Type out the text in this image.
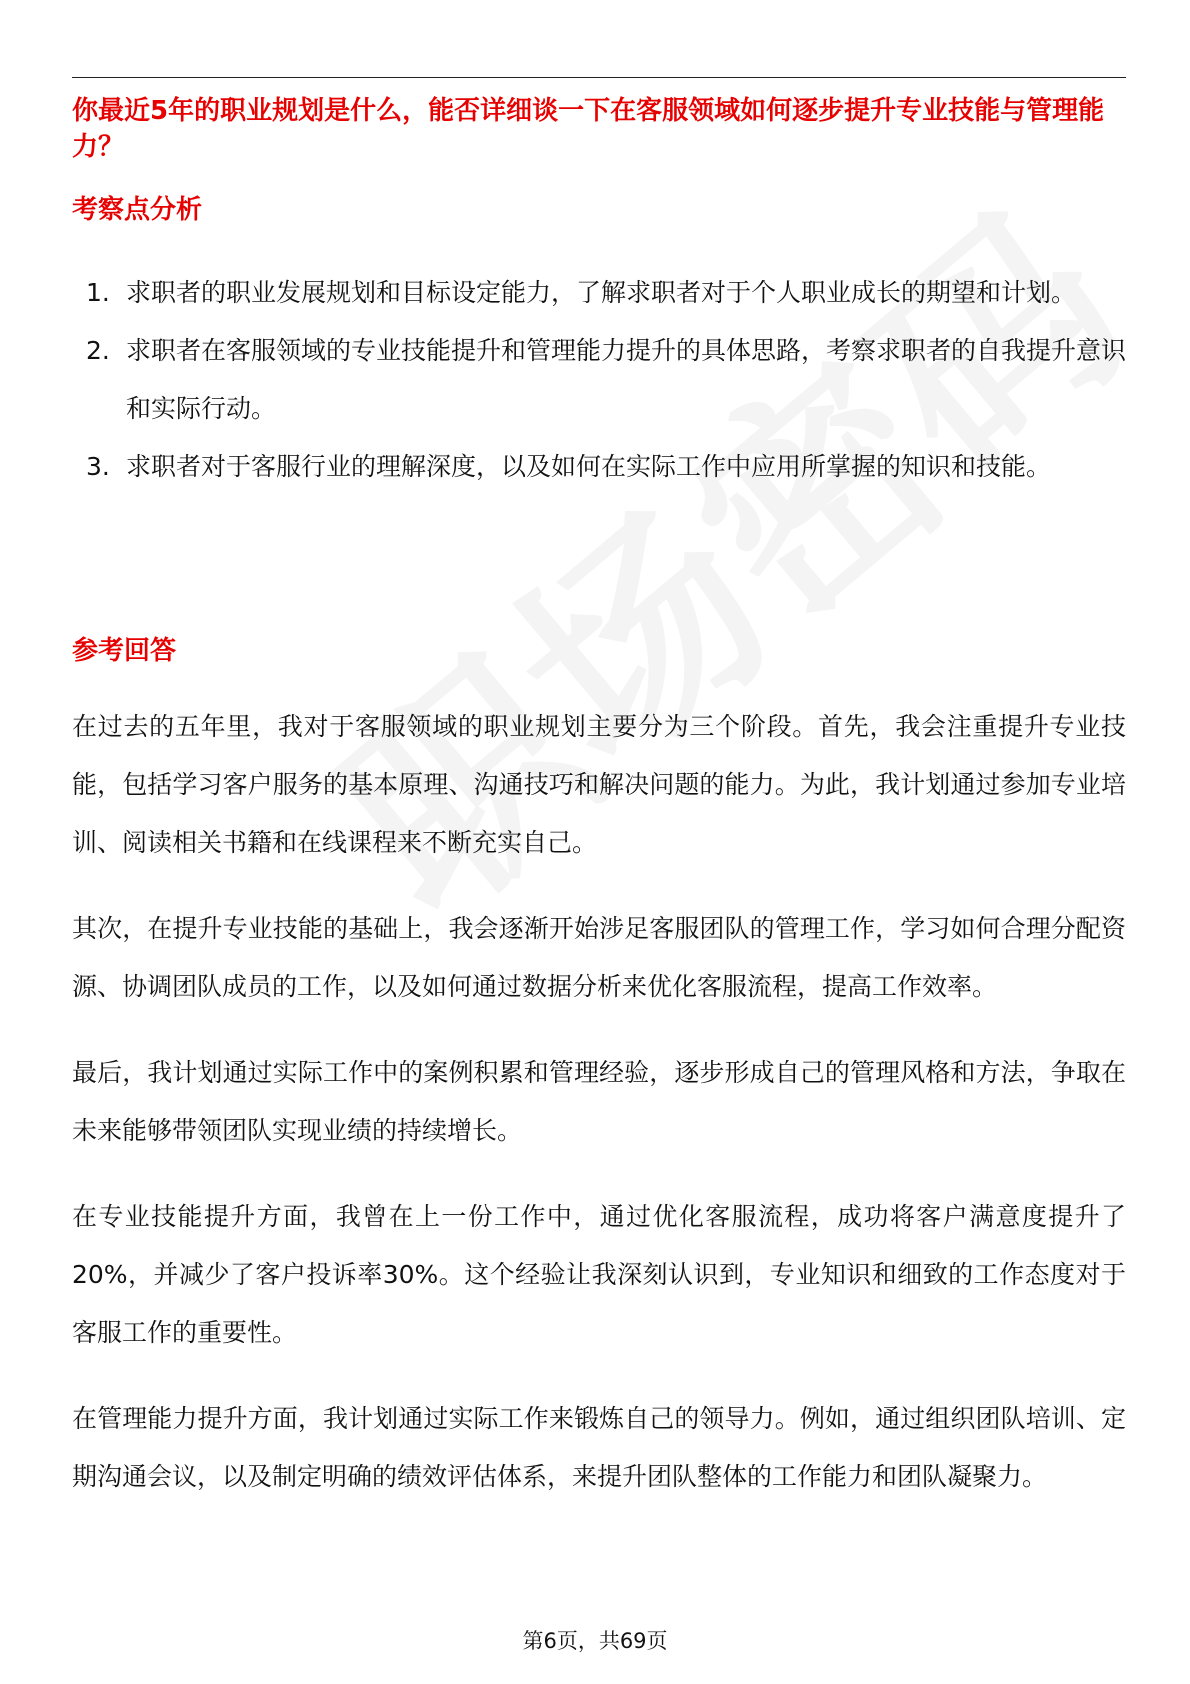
你最近5年的职业规划是什么，能否详细谈一下在客服领域如何逐步提升专业技能与管理能力？
考察点分析
1. 求职者的职业发展规划和目标设定能力，了解求职者对于个人职业成长的期望和计划。
2. 求职者在客服领域的专业技能提升和管理能力提升的具体思路，考察求职者的自我提升意识和实际行动。
3. 求职者对于客服行业的理解深度，以及如何在实际工作中应用所掌握的知识和技能。
参考回答

在过去的五年里，我对于客服领域的职业规划主要分为三个阶段。首先，我会注重提升专业技能，包括学习客户服务的基本原理、沟通技巧和解决问题的能力。为此，我计划通过参加专业培训、阅读相关书籍和在线课程来不断充实自己。

其次，在提升专业技能的基础上，我会逐渐开始涉足客服团队的管理工作，学习如何合理分配资源、协调团队成员的工作，以及如何通过数据分析来优化客服流程，提高工作效率。

最后，我计划通过实际工作中的案例积累和管理经验，逐步形成自己的管理风格和方法，争取在未来能够带领团队实现业绩的持续增长。

在专业技能提升方面，我曾在上一份工作中，通过优化客服流程，成功将客户满意度提升了20%，并减少了客户投诉率30%。这个经验让我深刻认识到，专业知识和细致的工作态度对于客服工作的重要性。

在管理能力提升方面，我计划通过实际工作来锻炼自己的领导力。例如，通过组织团队培训、定期沟通会议，以及制定明确的绩效评估体系，来提升团队整体的工作能力和团队凝聚力。

第6页，共69页
